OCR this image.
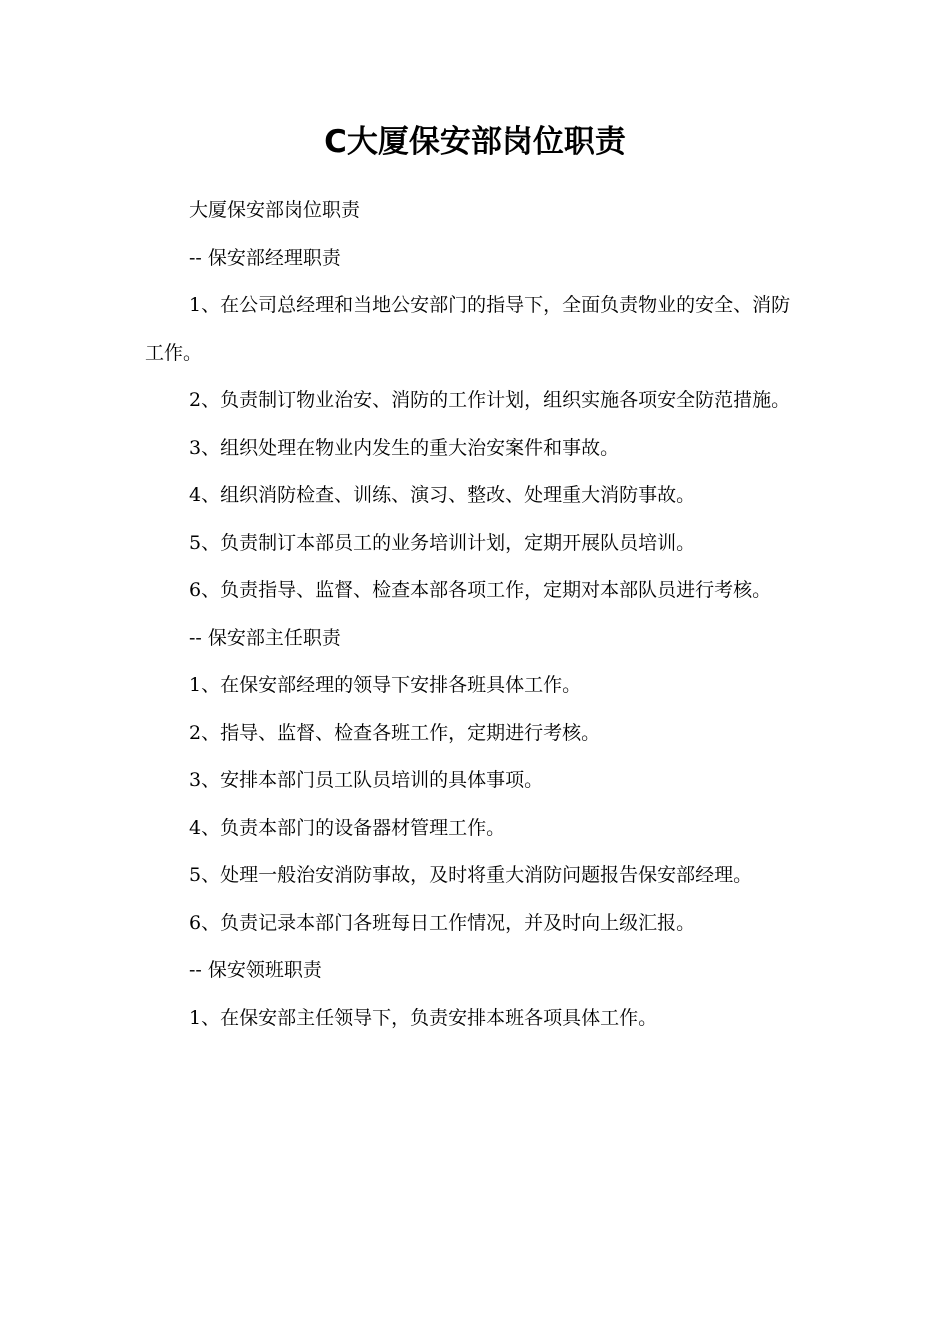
C大厦保安部岗位职责

大厦保安部岗位职责

-- 保安部经理职责

1、在公司总经理和当地公安部门的指导下，全面负责物业的安全、消防工作。

2、负责制订物业治安、消防的工作计划，组织实施各项安全防范措施。

3、组织处理在物业内发生的重大治安案件和事故。

4、组织消防检查、训练、演习、整改、处理重大消防事故。

5、负责制订本部员工的业务培训计划，定期开展队员培训。

6、负责指导、监督、检查本部各项工作，定期对本部队员进行考核。

-- 保安部主任职责

1、在保安部经理的领导下安排各班具体工作。

2、指导、监督、检查各班工作，定期进行考核。

3、安排本部门员工队员培训的具体事项。

4、负责本部门的设备器材管理工作。

5、处理一般治安消防事故，及时将重大消防问题报告保安部经理。

6、负责记录本部门各班每日工作情况，并及时向上级汇报。

-- 保安领班职责

1、在保安部主任领导下，负责安排本班各项具体工作。
